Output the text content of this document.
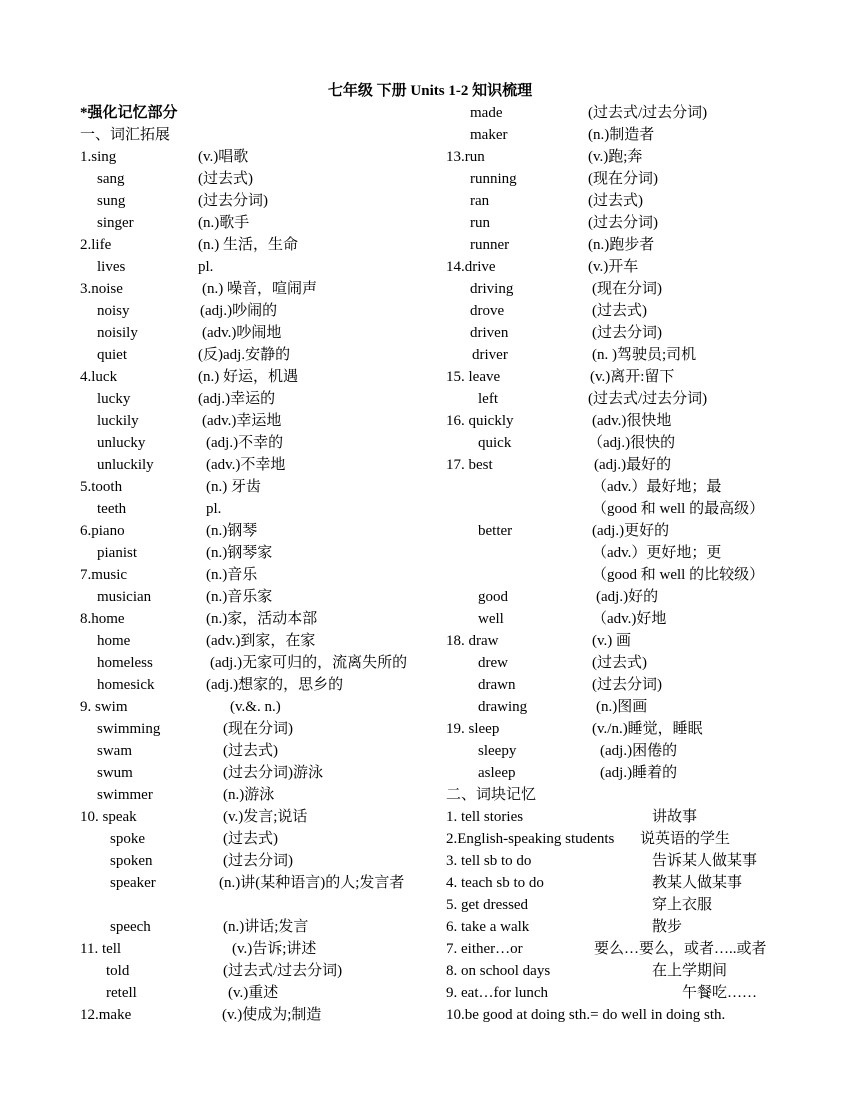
七年级 下册 Units 1-2 知识梳理
*强化记忆部分
一、词汇拓展
1.sing	(v.)唱歌
sang	(过去式)
sung	(过去分词)
singer	(n.)歌手
2.life	(n.) 生活，生命
lives	pl.
3.noise	(n.) 噪音，喧闹声
noisy	(adj.)吵闹的
noisily	(adv.)吵闹地
quiet	(反)adj.安静的
4.luck	(n.) 好运，机遇
lucky	(adj.)幸运的
luckily	(adv.)幸运地
unlucky	(adj.)不幸的
unluckily	(adv.)不幸地
5.tooth	(n.) 牙齿
teeth	pl.
6.piano	(n.)钢琴
pianist	(n.)钢琴家
7.music	(n.)音乐
musician	(n.)音乐家
8.home	(n.)家，活动本部
home	(adv.)到家，在家
homeless	(adj.)无家可归的，流离失所的
homesick	(adj.)想家的，思乡的
9. swim	(v.&. n.)
swimming	(现在分词)
swam	(过去式)
swum	(过去分词)游泳
swimmer	(n.)游泳
10. speak	(v.)发言;说话
spoke	(过去式)
spoken	(过去分词)
speaker	(n.)讲(某种语言)的人;发言者
speech	(n.)讲话;发言
11. tell	(v.)告诉;讲述
told	(过去式/过去分词)
retell	(v.)重述
12.make	(v.)使成为;制造
made	(过去式/过去分词)
maker	(n.)制造者
13.run	(v.)跑;奔
running	(现在分词)
ran	(过去式)
run	(过去分词)
runner	(n.)跑步者
14.drive	(v.)开车
driving	(现在分词)
drove	(过去式)
driven	(过去分词)
driver	(n. )驾驶员;司机
15. leave	(v.)离开:留下
left	(过去式/过去分词)
16. quickly	(adv.)很快地
quick	（adj.)很快的
17. best	(adj.)最好的
（adv.）最好地；最
（good 和 well 的最高级）
better	(adj.)更好的
（adv.）更好地；更
（good 和 well 的比较级）
good	(adj.)好的
well	（adv.)好地
18. draw	(v.) 画
drew	(过去式)
drawn	(过去分词)
drawing	(n.)图画
19. sleep	(v./n.)睡觉，睡眠
sleepy	(adj.)困倦的
asleep	(adj.)睡着的
二、词块记忆
1. tell stories	讲故事
2.English-speaking students 说英语的学生
3. tell sb to do	告诉某人做某事
4. teach sb to do	教某人做某事
5. get dressed	穿上衣服
6. take a walk	散步
7. either…or	要么…要么，或者…..或者
8. on school days	在上学期间
9. eat…for lunch	午餐吃……
10.be good at doing sth.= do well in doing sth.
